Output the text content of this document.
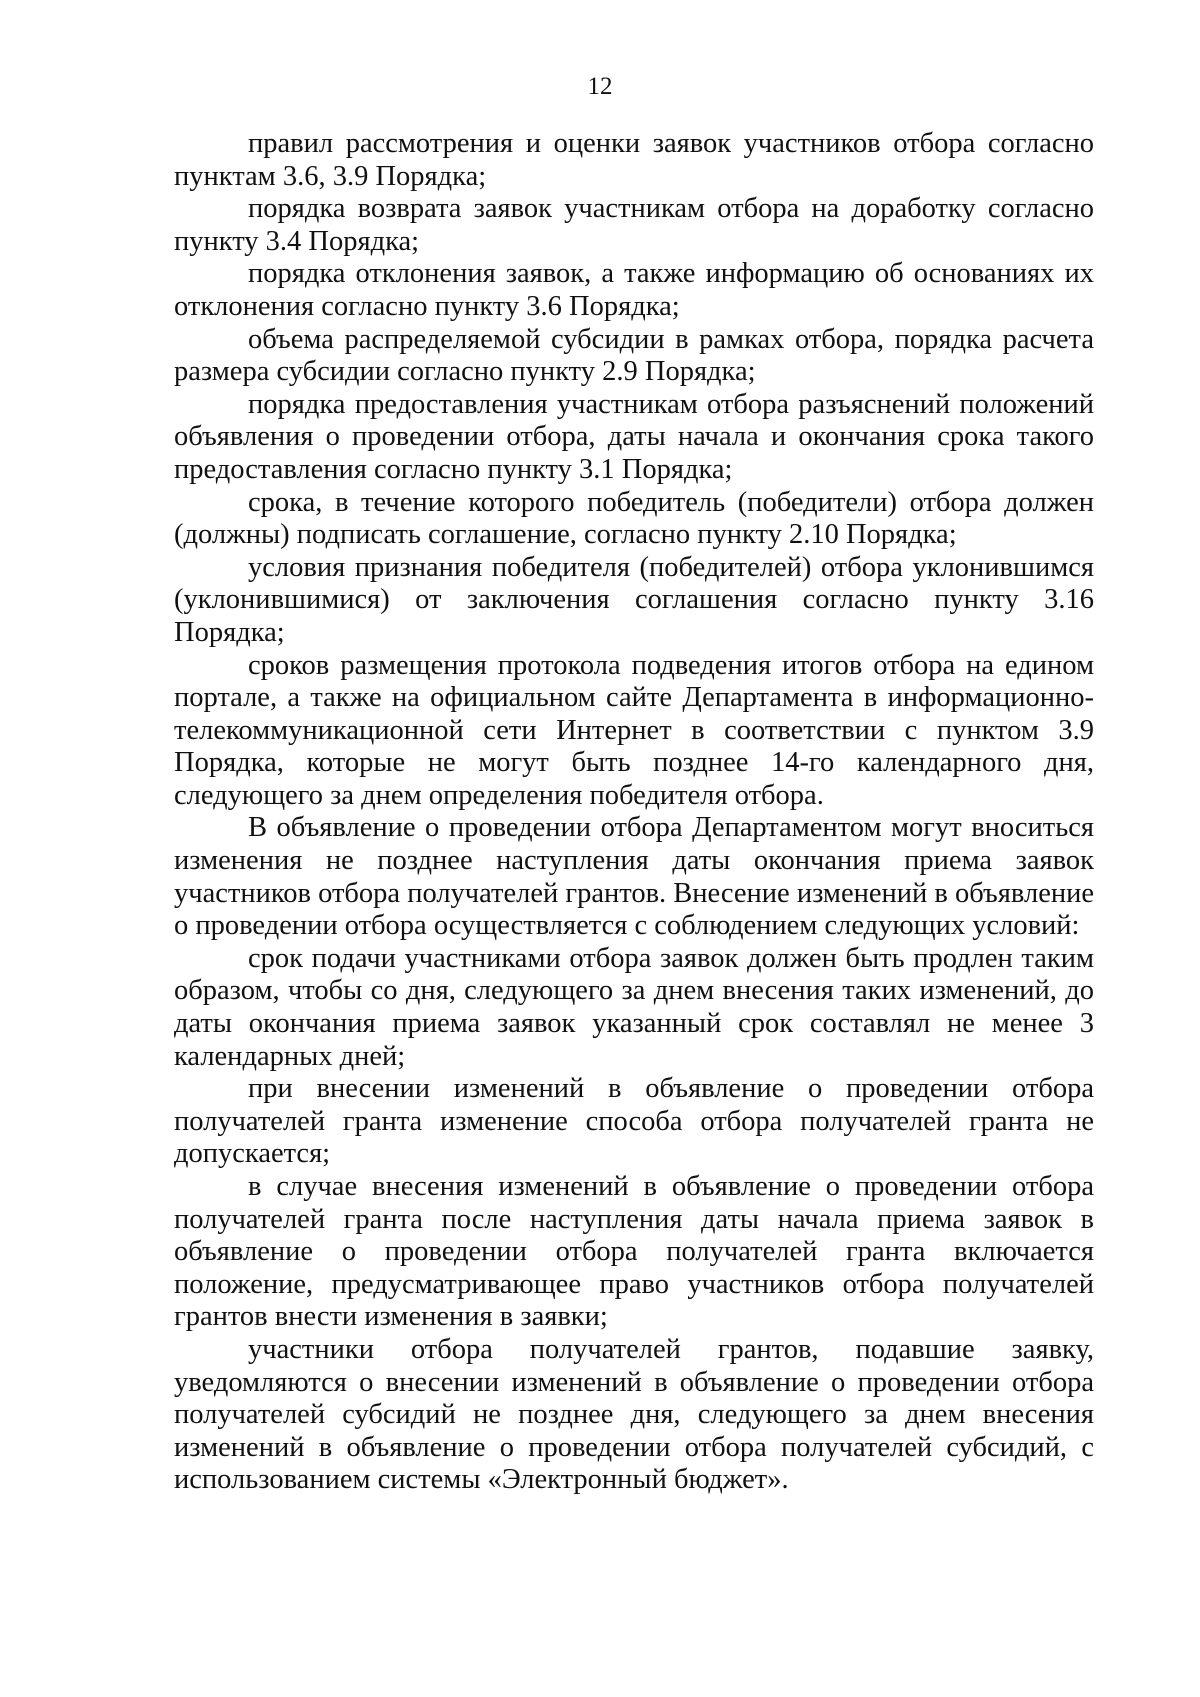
12

правил рассмотрения и оценки заявок участников отбора согласно пунктам 3.6, 3.9 Порядка;

порядка возврата заявок участникам отбора на доработку согласно пункту 3.4 Порядка;

порядка отклонения заявок, а также информацию об основаниях их отклонения согласно пункту 3.6 Порядка;

объема распределяемой субсидии в рамках отбора, порядка расчета размера субсидии согласно пункту 2.9 Порядка;

порядка предоставления участникам отбора разъяснений положений объявления о проведении отбора, даты начала и окончания срока такого предоставления согласно пункту 3.1 Порядка;

срока, в течение которого победитель (победители) отбора должен (должны) подписать соглашение, согласно пункту 2.10 Порядка;

условия признания победителя (победителей) отбора уклонившимся (уклонившимися) от заключения соглашения согласно пункту 3.16 Порядка;

сроков размещения протокола подведения итогов отбора на едином портале, а также на официальном сайте Департамента в информационно-телекоммуникационной сети Интернет в соответствии с пунктом 3.9 Порядка, которые не могут быть позднее 14-го календарного дня, следующего за днем определения победителя отбора.

В объявление о проведении отбора Департаментом могут вноситься изменения не позднее наступления даты окончания приема заявок участников отбора получателей грантов. Внесение изменений в объявление о проведении отбора осуществляется с соблюдением следующих условий:

срок подачи участниками отбора заявок должен быть продлен таким образом, чтобы со дня, следующего за днем внесения таких изменений, до даты окончания приема заявок указанный срок составлял не менее 3 календарных дней;

при внесении изменений в объявление о проведении отбора получателей гранта изменение способа отбора получателей гранта не допускается;

в случае внесения изменений в объявление о проведении отбора получателей гранта после наступления даты начала приема заявок в объявление о проведении отбора получателей гранта включается положение, предусматривающее право участников отбора получателей грантов внести изменения в заявки;

участники отбора получателей грантов, подавшие заявку, уведомляются о внесении изменений в объявление о проведении отбора получателей субсидий не позднее дня, следующего за днем внесения изменений в объявление о проведении отбора получателей субсидий, с использованием системы «Электронный бюджет».
